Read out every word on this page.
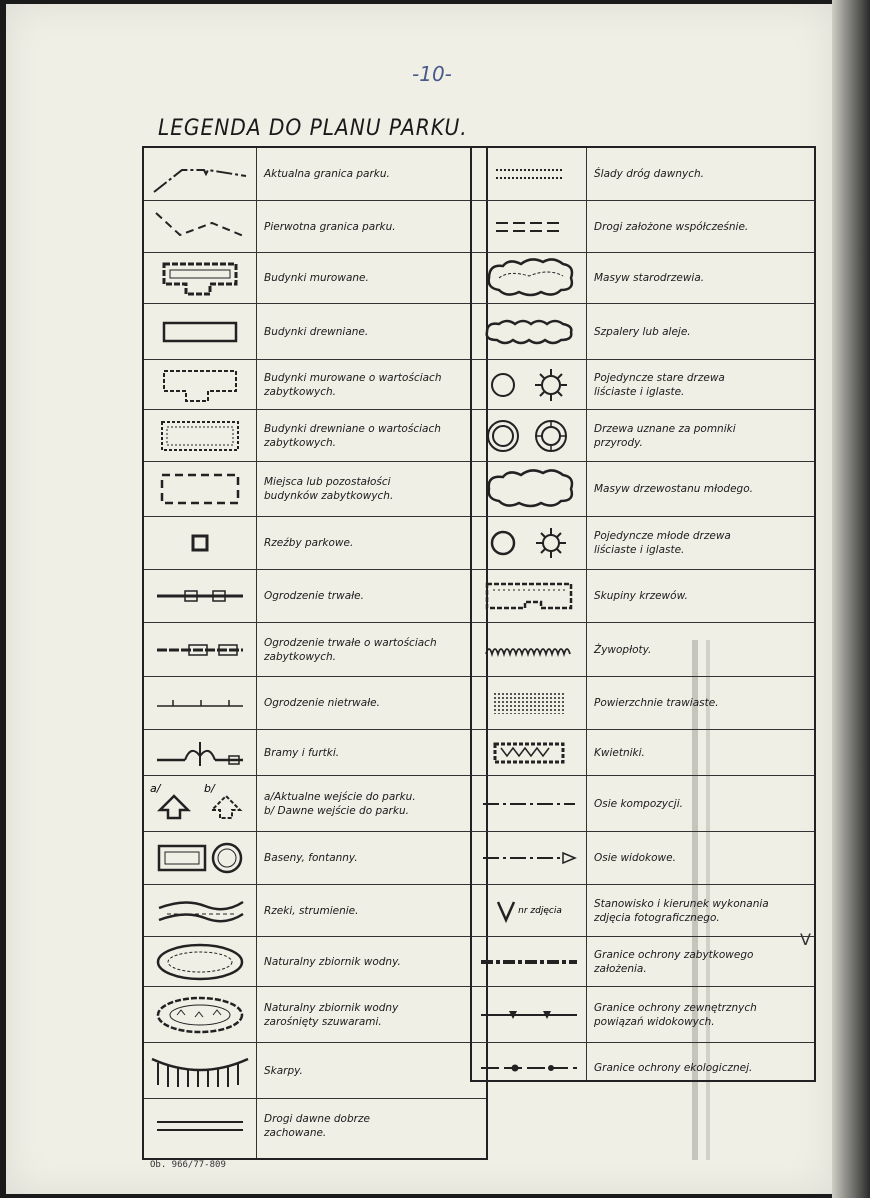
-10-
LEGENDA DO PLANU PARKU.
Aktualna granica parku.
Pierwotna granica parku.
Budynki murowane.
Budynki drewniane.
Budynki murowane o wartościach
zabytkowych.
Budynki drewniane o wartościach
zabytkowych.
Miejsca lub pozostałości
budynków zabytkowych.
Rzeźby parkowe.
Ogrodzenie trwałe.
Ogrodzenie trwałe o wartościach
zabytkowych.
Ogrodzenie nietrwałe.
Bramy i furtki.
a/	b/
a/Aktualne wejście do parku.
b/ Dawne wejście do parku.
Baseny, fontanny.
Rzeki, strumienie.
Naturalny zbiornik wodny.
Naturalny zbiornik wodny
zarośnięty szuwarami.
Skarpy.
Drogi dawne dobrze
zachowane.
Ślady dróg dawnych.
Drogi założone współcześnie.
Masyw starodrzewia.
Szpalery lub aleje.
Pojedyncze stare drzewa
liściaste i iglaste.
Drzewa uznane za pomniki
przyrody.
Masyw drzewostanu młodego.
Pojedyncze młode drzewa
liściaste i iglaste.
Skupiny krzewów.
Żywopłoty.
Powierzchnie trawiaste.
Kwietniki.
Osie kompozycji.
Osie widokowe.
nr zdjęcia
Stanowisko i kierunek wykonania
zdjęcia fotograficznego.
Granice ochrony zabytkowego
założenia.
Granice ochrony zewnętrznych
powiązań widokowych.
Granice ochrony ekologicznej.
Ob. 966/77-809
V
